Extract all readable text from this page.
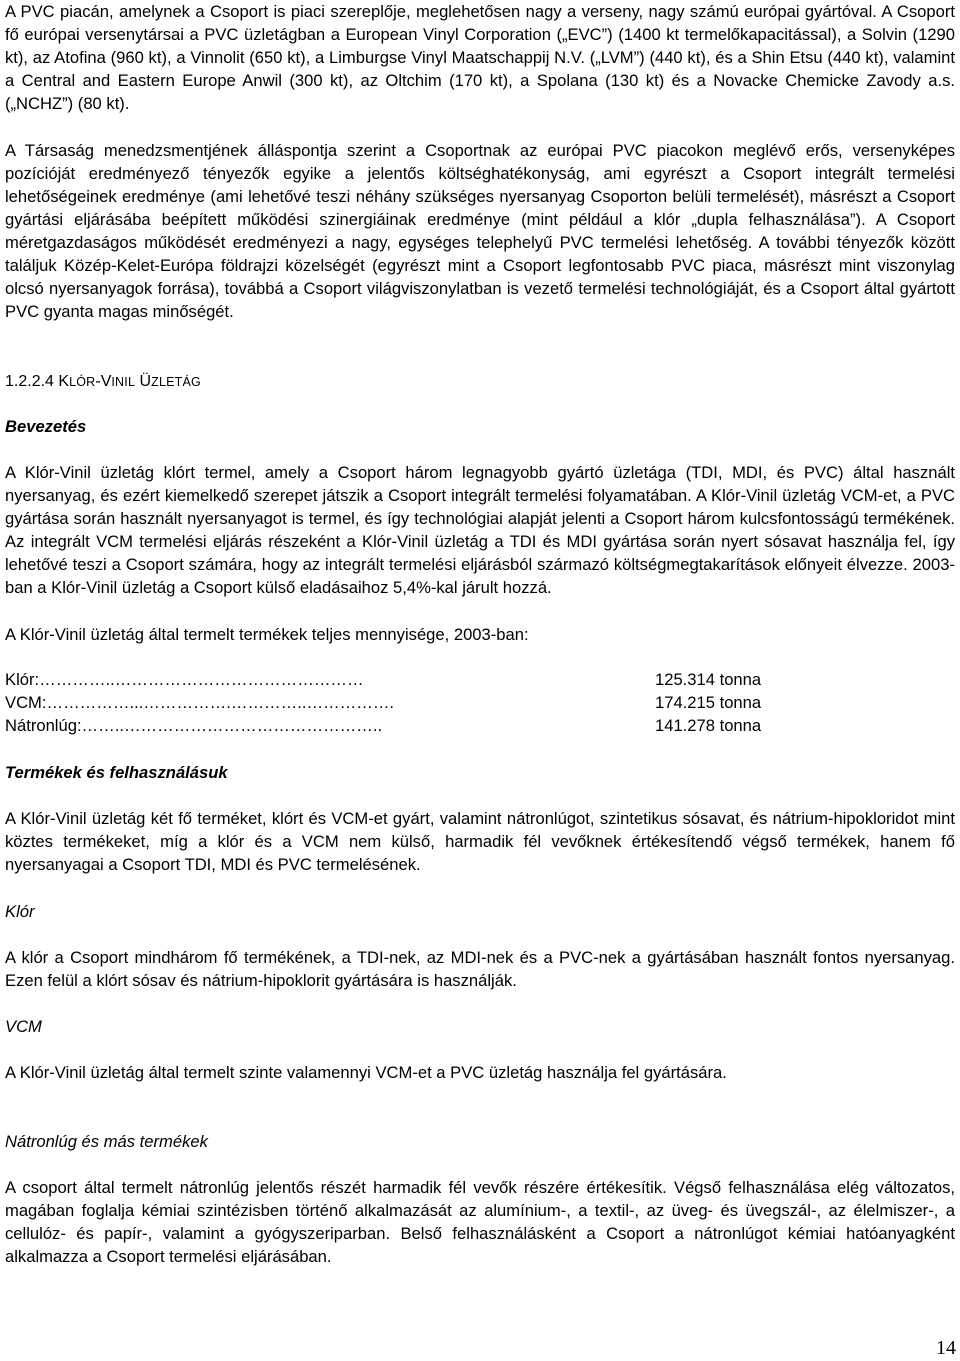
A PVC piacán, amelynek a Csoport is piaci szereplője, meglehetősen nagy a verseny, nagy számú európai gyártóval. A Csoport fő európai versenytársai a PVC üzletágban a European Vinyl Corporation („EVC”) (1400 kt termelőkapacitással), a Solvin (1290 kt), az Atofina (960 kt), a Vinnolit (650 kt), a Limburgse Vinyl Maatschappij N.V. („LVM”) (440 kt), és a Shin Etsu (440 kt), valamint a Central and Eastern Europe Anwil (300 kt), az Oltchim (170 kt), a Spolana (130 kt) és a Novacke Chemicke Zavody a.s. („NCHZ”) (80 kt).

A Társaság menedzsmentjének álláspontja szerint a Csoportnak az európai PVC piacokon meglévő erős, versenyképes pozícióját eredményező tényezők egyike a jelentős költséghatékonyság, ami egyrészt a Csoport integrált termelési lehetőségeinek eredménye (ami lehetővé teszi néhány szükséges nyersanyag Csoporton belüli termelését), másrészt a Csoport gyártási eljárásába beépített működési szinergiáinak eredménye (mint például a klór „dupla felhasználása”). A Csoport méretgazdaságos működését eredményezi a nagy, egységes telephelyű PVC termelési lehetőség. A további tényezők között találjuk Közép-Kelet-Európa földrajzi közelségét (egyrészt mint a Csoport legfontosabb PVC piaca, másrészt mint viszonylag olcsó nyersanyagok forrása), továbbá a Csoport világviszonylatban is vezető termelési technológiáját, és a Csoport által gyártott PVC gyanta magas minőségét.

1.2.2.4 KLÓR-VINIL ÜZLETÁG

Bevezetés

A Klór-Vinil üzletág klórt termel, amely a Csoport három legnagyobb gyártó üzletága (TDI, MDI, és PVC) által használt nyersanyag, és ezért kiemelkedő szerepet játszik a Csoport integrált termelési folyamatában. A Klór-Vinil üzletág VCM-et, a PVC gyártása során használt nyersanyagot is termel, és így technológiai alapját jelenti a Csoport három kulcsfontosságú termékének. Az integrált VCM termelési eljárás részeként a Klór-Vinil üzletág a TDI és MDI gyártása során nyert sósavat használja fel, így lehetővé teszi a Csoport számára, hogy az integrált termelési eljárásból származó költségmegtakarítások előnyeit élvezze. 2003-ban a Klór-Vinil üzletág a Csoport külső eladásaihoz 5,4%-kal járult hozzá.

A Klór-Vinil üzletág által termelt termékek teljes mennyisége, 2003-ban:

Klór:…………..………………………………………	125.314 tonna
VCM:……………...…………….…………..…………….	174.215 tonna
Nátronlúg:……..………………………………………..	141.278 tonna

Termékek és felhasználásuk

A Klór-Vinil üzletág két fő terméket, klórt és VCM-et gyárt, valamint nátronlúgot, szintetikus sósavat, és nátrium-hipokloridot mint köztes termékeket, míg a klór és a VCM nem külső, harmadik fél vevőknek értékesítendő végső termékek, hanem fő nyersanyagai a Csoport TDI, MDI és PVC termelésének.

Klór

A klór a Csoport mindhárom fő termékének, a TDI-nek, az MDI-nek és a PVC-nek a gyártásában használt fontos nyersanyag. Ezen felül a klórt sósav és nátrium-hipoklorit gyártására is használják.

VCM

A Klór-Vinil üzletág által termelt szinte valamennyi VCM-et a PVC üzletág használja fel gyártására.

Nátronlúg és más termékek

A csoport által termelt nátronlúg jelentős részét harmadik fél vevők részére értékesítik. Végső felhasználása elég változatos, magában foglalja kémiai szintézisben történő alkalmazását az alumínium-, a textil-, az üveg- és üvegszál-, az élelmiszer-, a cellulóz- és papír-, valamint a gyógyszeriparban. Belső felhasználásként a Csoport a nátronlúgot kémiai hatóanyagként alkalmazza a Csoport termelési eljárásában.

14
